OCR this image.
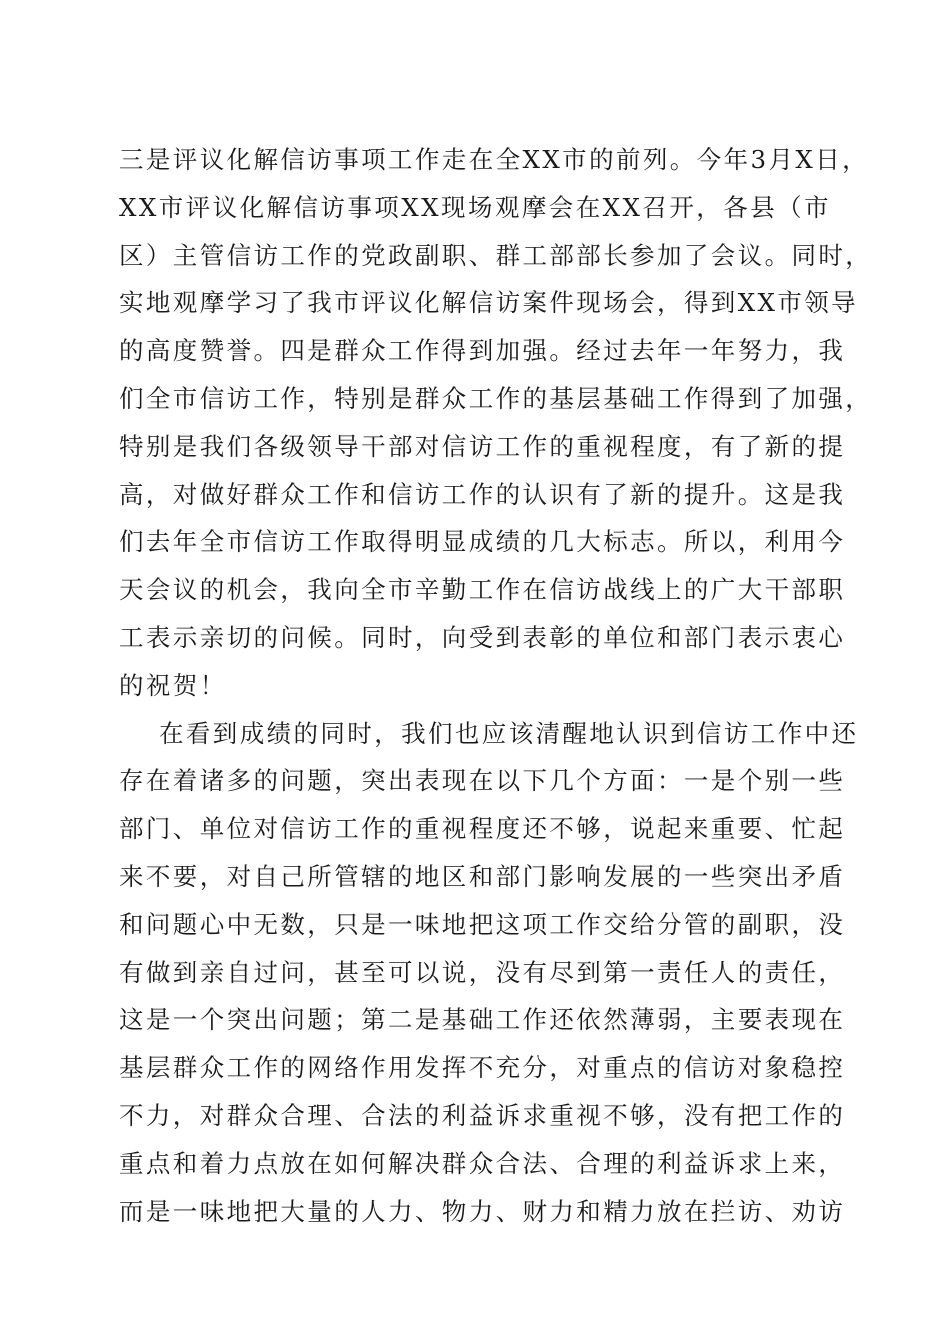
三是评议化解信访事项工作走在全XX市的前列。今年3月X日，
XX市评议化解信访事项XX现场观摩会在XX召开，各县（市
区）主管信访工作的党政副职、群工部部长参加了会议。同时，
实地观摩学习了我市评议化解信访案件现场会，得到XX市领导
的高度赞誉。四是群众工作得到加强。经过去年一年努力，我
们全市信访工作，特别是群众工作的基层基础工作得到了加强，
特别是我们各级领导干部对信访工作的重视程度，有了新的提
高，对做好群众工作和信访工作的认识有了新的提升。这是我
们去年全市信访工作取得明显成绩的几大标志。所以，利用今
天会议的机会，我向全市辛勤工作在信访战线上的广大干部职
工表示亲切的问候。同时，向受到表彰的单位和部门表示衷心
的祝贺！
在看到成绩的同时，我们也应该清醒地认识到信访工作中还
存在着诸多的问题，突出表现在以下几个方面：一是个别一些
部门、单位对信访工作的重视程度还不够，说起来重要、忙起
来不要，对自己所管辖的地区和部门影响发展的一些突出矛盾
和问题心中无数，只是一味地把这项工作交给分管的副职，没
有做到亲自过问，甚至可以说，没有尽到第一责任人的责任，
这是一个突出问题；第二是基础工作还依然薄弱，主要表现在
基层群众工作的网络作用发挥不充分，对重点的信访对象稳控
不力，对群众合理、合法的利益诉求重视不够，没有把工作的
重点和着力点放在如何解决群众合法、合理的利益诉求上来，
而是一味地把大量的人力、物力、财力和精力放在拦访、劝访
